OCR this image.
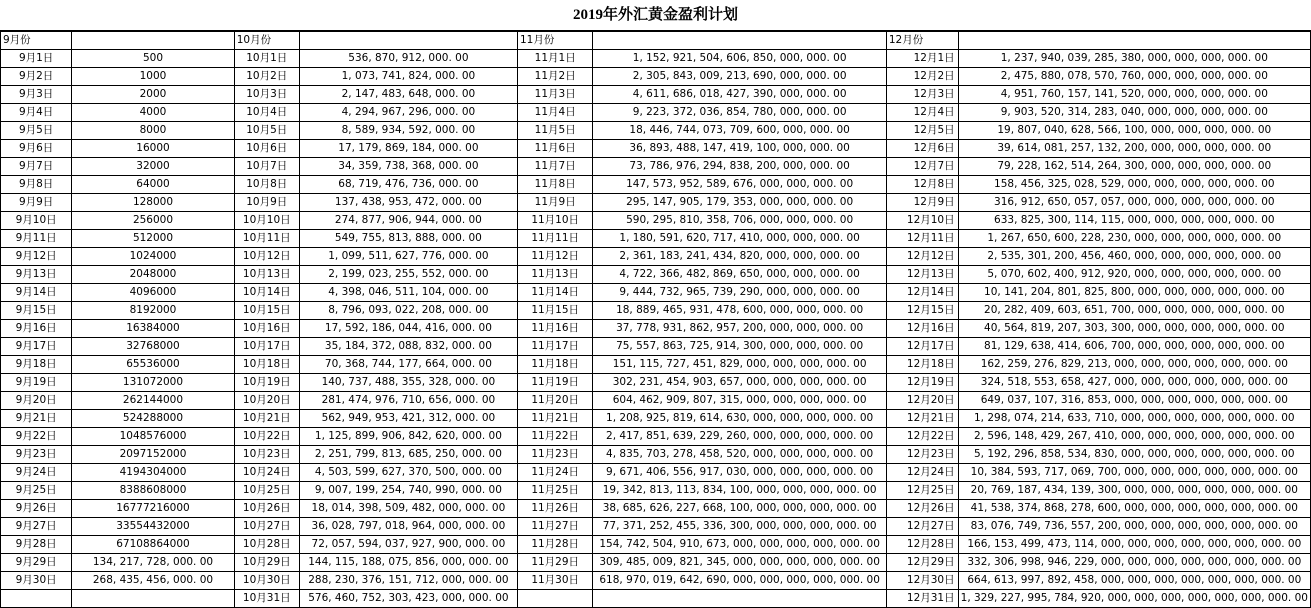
2019年外汇黄金盈利计划
9月份		10月份		11月份		12月份	
9月1日	500	10月1日	536, 870, 912, 000. 00	11月1日	1, 152, 921, 504, 606, 850, 000, 000. 00	12月1日	1, 237, 940, 039, 285, 380, 000, 000, 000, 000. 00
9月2日	1000	10月2日	1, 073, 741, 824, 000. 00	11月2日	2, 305, 843, 009, 213, 690, 000, 000. 00	12月2日	2, 475, 880, 078, 570, 760, 000, 000, 000, 000. 00
9月3日	2000	10月3日	2, 147, 483, 648, 000. 00	11月3日	4, 611, 686, 018, 427, 390, 000, 000. 00	12月3日	4, 951, 760, 157, 141, 520, 000, 000, 000, 000. 00
9月4日	4000	10月4日	4, 294, 967, 296, 000. 00	11月4日	9, 223, 372, 036, 854, 780, 000, 000. 00	12月4日	9, 903, 520, 314, 283, 040, 000, 000, 000, 000. 00
9月5日	8000	10月5日	8, 589, 934, 592, 000. 00	11月5日	18, 446, 744, 073, 709, 600, 000, 000. 00	12月5日	19, 807, 040, 628, 566, 100, 000, 000, 000, 000. 00
9月6日	16000	10月6日	17, 179, 869, 184, 000. 00	11月6日	36, 893, 488, 147, 419, 100, 000, 000. 00	12月6日	39, 614, 081, 257, 132, 200, 000, 000, 000, 000. 00
9月7日	32000	10月7日	34, 359, 738, 368, 000. 00	11月7日	73, 786, 976, 294, 838, 200, 000, 000. 00	12月7日	79, 228, 162, 514, 264, 300, 000, 000, 000, 000. 00
9月8日	64000	10月8日	68, 719, 476, 736, 000. 00	11月8日	147, 573, 952, 589, 676, 000, 000, 000. 00	12月8日	158, 456, 325, 028, 529, 000, 000, 000, 000, 000. 00
9月9日	128000	10月9日	137, 438, 953, 472, 000. 00	11月9日	295, 147, 905, 179, 353, 000, 000, 000. 00	12月9日	316, 912, 650, 057, 057, 000, 000, 000, 000, 000. 00
9月10日	256000	10月10日	274, 877, 906, 944, 000. 00	11月10日	590, 295, 810, 358, 706, 000, 000, 000. 00	12月10日	633, 825, 300, 114, 115, 000, 000, 000, 000, 000. 00
9月11日	512000	10月11日	549, 755, 813, 888, 000. 00	11月11日	1, 180, 591, 620, 717, 410, 000, 000, 000. 00	12月11日	1, 267, 650, 600, 228, 230, 000, 000, 000, 000, 000. 00
9月12日	1024000	10月12日	1, 099, 511, 627, 776, 000. 00	11月12日	2, 361, 183, 241, 434, 820, 000, 000, 000. 00	12月12日	2, 535, 301, 200, 456, 460, 000, 000, 000, 000, 000. 00
9月13日	2048000	10月13日	2, 199, 023, 255, 552, 000. 00	11月13日	4, 722, 366, 482, 869, 650, 000, 000, 000. 00	12月13日	5, 070, 602, 400, 912, 920, 000, 000, 000, 000, 000. 00
9月14日	4096000	10月14日	4, 398, 046, 511, 104, 000. 00	11月14日	9, 444, 732, 965, 739, 290, 000, 000, 000. 00	12月14日	10, 141, 204, 801, 825, 800, 000, 000, 000, 000, 000. 00
9月15日	8192000	10月15日	8, 796, 093, 022, 208, 000. 00	11月15日	18, 889, 465, 931, 478, 600, 000, 000, 000. 00	12月15日	20, 282, 409, 603, 651, 700, 000, 000, 000, 000, 000. 00
9月16日	16384000	10月16日	17, 592, 186, 044, 416, 000. 00	11月16日	37, 778, 931, 862, 957, 200, 000, 000, 000. 00	12月16日	40, 564, 819, 207, 303, 300, 000, 000, 000, 000, 000. 00
9月17日	32768000	10月17日	35, 184, 372, 088, 832, 000. 00	11月17日	75, 557, 863, 725, 914, 300, 000, 000, 000. 00	12月17日	81, 129, 638, 414, 606, 700, 000, 000, 000, 000, 000. 00
9月18日	65536000	10月18日	70, 368, 744, 177, 664, 000. 00	11月18日	151, 115, 727, 451, 829, 000, 000, 000, 000. 00	12月18日	162, 259, 276, 829, 213, 000, 000, 000, 000, 000, 000. 00
9月19日	131072000	10月19日	140, 737, 488, 355, 328, 000. 00	11月19日	302, 231, 454, 903, 657, 000, 000, 000, 000. 00	12月19日	324, 518, 553, 658, 427, 000, 000, 000, 000, 000, 000. 00
9月20日	262144000	10月20日	281, 474, 976, 710, 656, 000. 00	11月20日	604, 462, 909, 807, 315, 000, 000, 000, 000. 00	12月20日	649, 037, 107, 316, 853, 000, 000, 000, 000, 000, 000. 00
9月21日	524288000	10月21日	562, 949, 953, 421, 312, 000. 00	11月21日	1, 208, 925, 819, 614, 630, 000, 000, 000, 000. 00	12月21日	1, 298, 074, 214, 633, 710, 000, 000, 000, 000, 000, 000. 00
9月22日	1048576000	10月22日	1, 125, 899, 906, 842, 620, 000. 00	11月22日	2, 417, 851, 639, 229, 260, 000, 000, 000, 000. 00	12月22日	2, 596, 148, 429, 267, 410, 000, 000, 000, 000, 000, 000. 00
9月23日	2097152000	10月23日	2, 251, 799, 813, 685, 250, 000. 00	11月23日	4, 835, 703, 278, 458, 520, 000, 000, 000, 000. 00	12月23日	5, 192, 296, 858, 534, 830, 000, 000, 000, 000, 000, 000. 00
9月24日	4194304000	10月24日	4, 503, 599, 627, 370, 500, 000. 00	11月24日	9, 671, 406, 556, 917, 030, 000, 000, 000, 000. 00	12月24日	10, 384, 593, 717, 069, 700, 000, 000, 000, 000, 000, 000. 00
9月25日	8388608000	10月25日	9, 007, 199, 254, 740, 990, 000. 00	11月25日	19, 342, 813, 113, 834, 100, 000, 000, 000, 000. 00	12月25日	20, 769, 187, 434, 139, 300, 000, 000, 000, 000, 000, 000. 00
9月26日	16777216000	10月26日	18, 014, 398, 509, 482, 000, 000. 00	11月26日	38, 685, 626, 227, 668, 100, 000, 000, 000, 000. 00	12月26日	41, 538, 374, 868, 278, 600, 000, 000, 000, 000, 000, 000. 00
9月27日	33554432000	10月27日	36, 028, 797, 018, 964, 000, 000. 00	11月27日	77, 371, 252, 455, 336, 300, 000, 000, 000, 000. 00	12月27日	83, 076, 749, 736, 557, 200, 000, 000, 000, 000, 000, 000. 00
9月28日	67108864000	10月28日	72, 057, 594, 037, 927, 900, 000. 00	11月28日	154, 742, 504, 910, 673, 000, 000, 000, 000, 000. 00	12月28日	166, 153, 499, 473, 114, 000, 000, 000, 000, 000, 000, 000. 00
9月29日	134, 217, 728, 000. 00	10月29日	144, 115, 188, 075, 856, 000, 000. 00	11月29日	309, 485, 009, 821, 345, 000, 000, 000, 000, 000. 00	12月29日	332, 306, 998, 946, 229, 000, 000, 000, 000, 000, 000, 000. 00
9月30日	268, 435, 456, 000. 00	10月30日	288, 230, 376, 151, 712, 000, 000. 00	11月30日	618, 970, 019, 642, 690, 000, 000, 000, 000, 000. 00	12月30日	664, 613, 997, 892, 458, 000, 000, 000, 000, 000, 000, 000. 00
		10月31日	576, 460, 752, 303, 423, 000, 000. 00			12月31日	1, 329, 227, 995, 784, 920, 000, 000, 000, 000, 000, 000, 000. 00
